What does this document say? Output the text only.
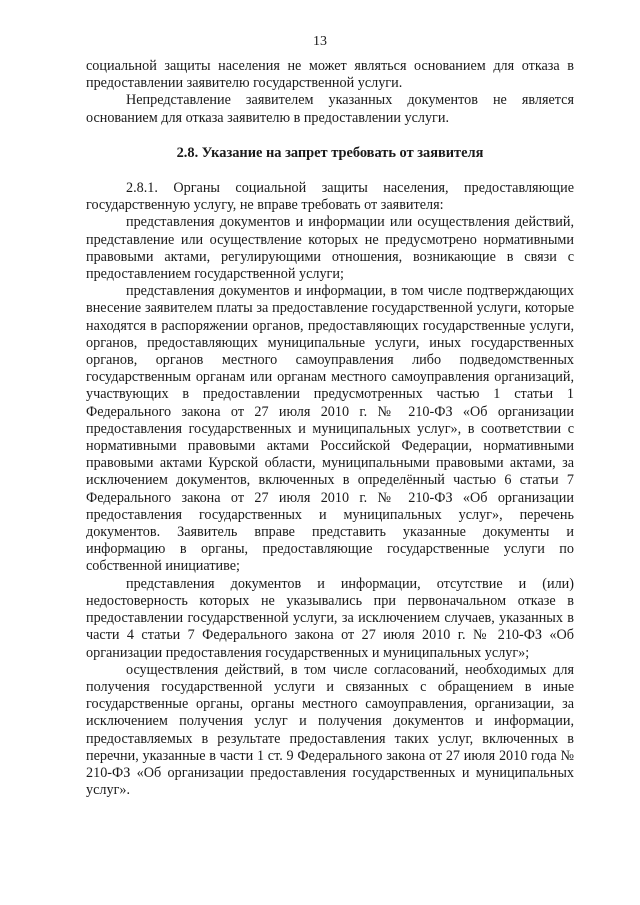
13

социальной защиты населения не может являться основанием для отказа в предоставлении заявителю государственной услуги.

Непредставление заявителем указанных документов не является основанием для отказа заявителю в предоставлении услуги.

2.8. Указание на запрет требовать от заявителя

2.8.1. Органы социальной защиты населения, предоставляющие государственную услугу, не вправе требовать от заявителя:

представления документов и информации или осуществления действий, представление или осуществление которых не предусмотрено нормативными правовыми актами, регулирующими отношения, возникающие в связи с предоставлением государственной услуги;

представления документов и информации, в том числе подтверждающих внесение заявителем платы за предоставление государственной услуги, которые находятся в распоряжении органов, предоставляющих государственные услуги, органов, предоставляющих муниципальные услуги, иных государственных органов, органов местного самоуправления либо подведомственных государственным органам или органам местного самоуправления организаций, участвующих в предоставлении предусмотренных частью 1 статьи 1 Федерального закона от 27 июля 2010 г. № 210-ФЗ «Об организации предоставления государственных и муниципальных услуг», в соответствии с нормативными правовыми актами Российской Федерации, нормативными правовыми актами Курской области, муниципальными правовыми актами, за исключением документов, включенных в определённый частью 6 статьи 7 Федерального закона от 27 июля 2010 г. № 210-ФЗ «Об организации предоставления государственных и муниципальных услуг», перечень документов. Заявитель вправе представить указанные документы и информацию в органы, предоставляющие государственные услуги по собственной инициативе;

представления документов и информации, отсутствие и (или) недостоверность которых не указывались при первоначальном отказе в предоставлении государственной услуги, за исключением случаев, указанных в части 4 статьи 7 Федерального закона от 27 июля 2010 г. № 210-ФЗ «Об организации предоставления государственных и муниципальных услуг»;

осуществления действий, в том числе согласований, необходимых для получения государственной услуги и связанных с обращением в иные государственные органы, органы местного самоуправления, организации, за исключением получения услуг и получения документов и информации, предоставляемых в результате предоставления таких услуг, включенных в перечни, указанные в части 1 ст. 9 Федерального закона от 27 июля 2010 года № 210-ФЗ «Об организации предоставления государственных и муниципальных услуг».
